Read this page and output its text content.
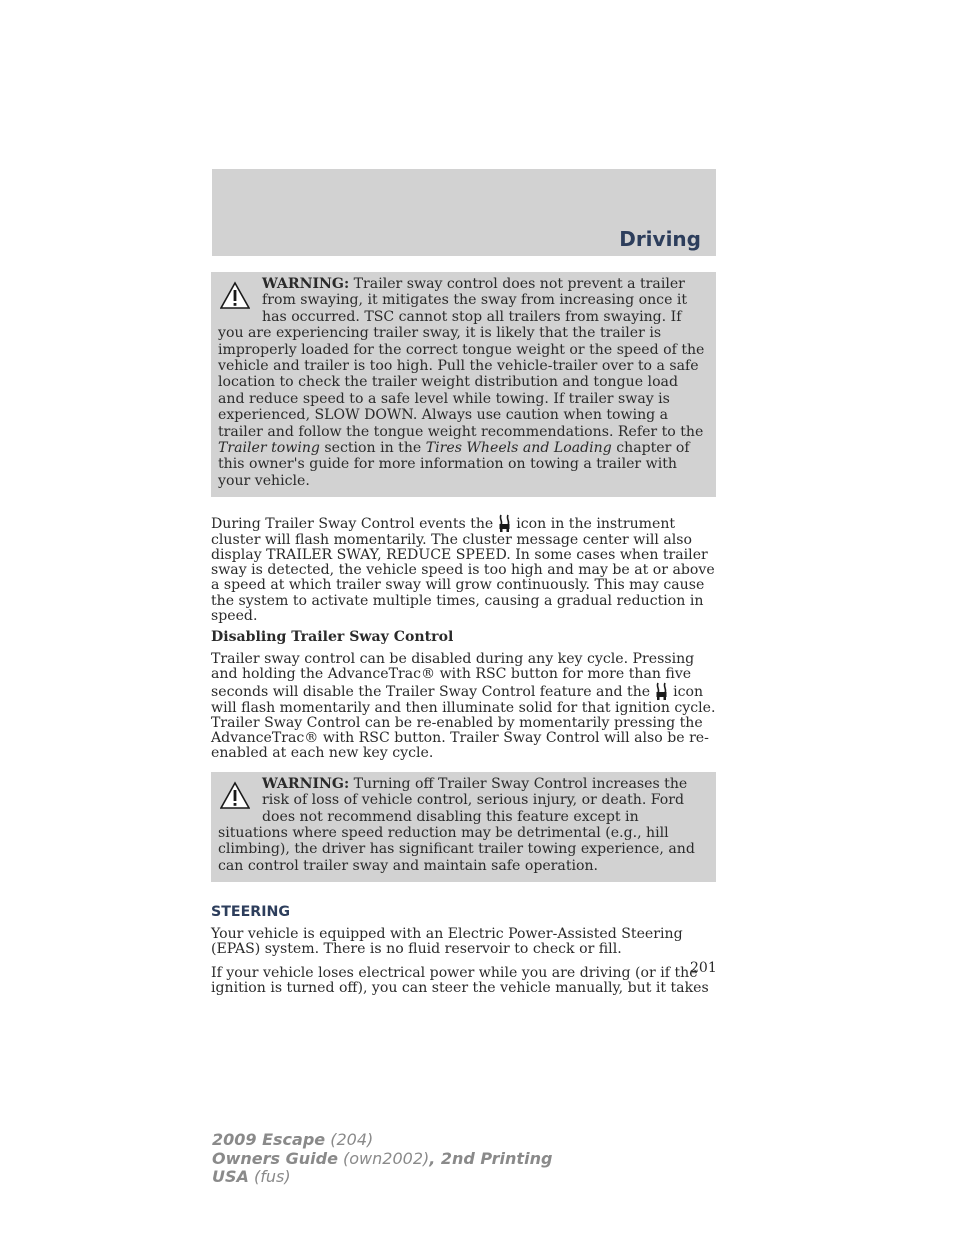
Driving
WARNING: Trailer sway control does not prevent a trailer from swaying, it mitigates the sway from increasing once it has occurred. TSC cannot stop all trailers from swaying. If you are experiencing trailer sway, it is likely that the trailer is improperly loaded for the correct tongue weight or the speed of the vehicle and trailer is too high. Pull the vehicle-trailer over to a safe location to check the trailer weight distribution and tongue load and reduce speed to a safe level while towing. If trailer sway is experienced, SLOW DOWN. Always use caution when towing a trailer and follow the tongue weight recommendations. Refer to the Trailer towing section in the Tires Wheels and Loading chapter of this owner's guide for more information on towing a trailer with your vehicle.

During Trailer Sway Control events the icon in the instrument cluster will flash momentarily. The cluster message center will also display TRAILER SWAY, REDUCE SPEED. In some cases when trailer sway is detected, the vehicle speed is too high and may be at or above a speed at which trailer sway will grow continuously. This may cause the system to activate multiple times, causing a gradual reduction in speed.

Disabling Trailer Sway Control

Trailer sway control can be disabled during any key cycle. Pressing and holding the AdvanceTrac® with RSC button for more than five seconds will disable the Trailer Sway Control feature and the icon will flash momentarily and then illuminate solid for that ignition cycle. Trailer Sway Control can be re-enabled by momentarily pressing the AdvanceTrac® with RSC button. Trailer Sway Control will also be re-enabled at each new key cycle.

WARNING: Turning off Trailer Sway Control increases the risk of loss of vehicle control, serious injury, or death. Ford does not recommend disabling this feature except in situations where speed reduction may be detrimental (e.g., hill climbing), the driver has significant trailer towing experience, and can control trailer sway and maintain safe operation.
STEERING

Your vehicle is equipped with an Electric Power-Assisted Steering (EPAS) system. There is no fluid reservoir to check or fill.

If your vehicle loses electrical power while you are driving (or if the ignition is turned off), you can steer the vehicle manually, but it takes

201
2009 Escape (204)
Owners Guide (own2002), 2nd Printing
USA (fus)
